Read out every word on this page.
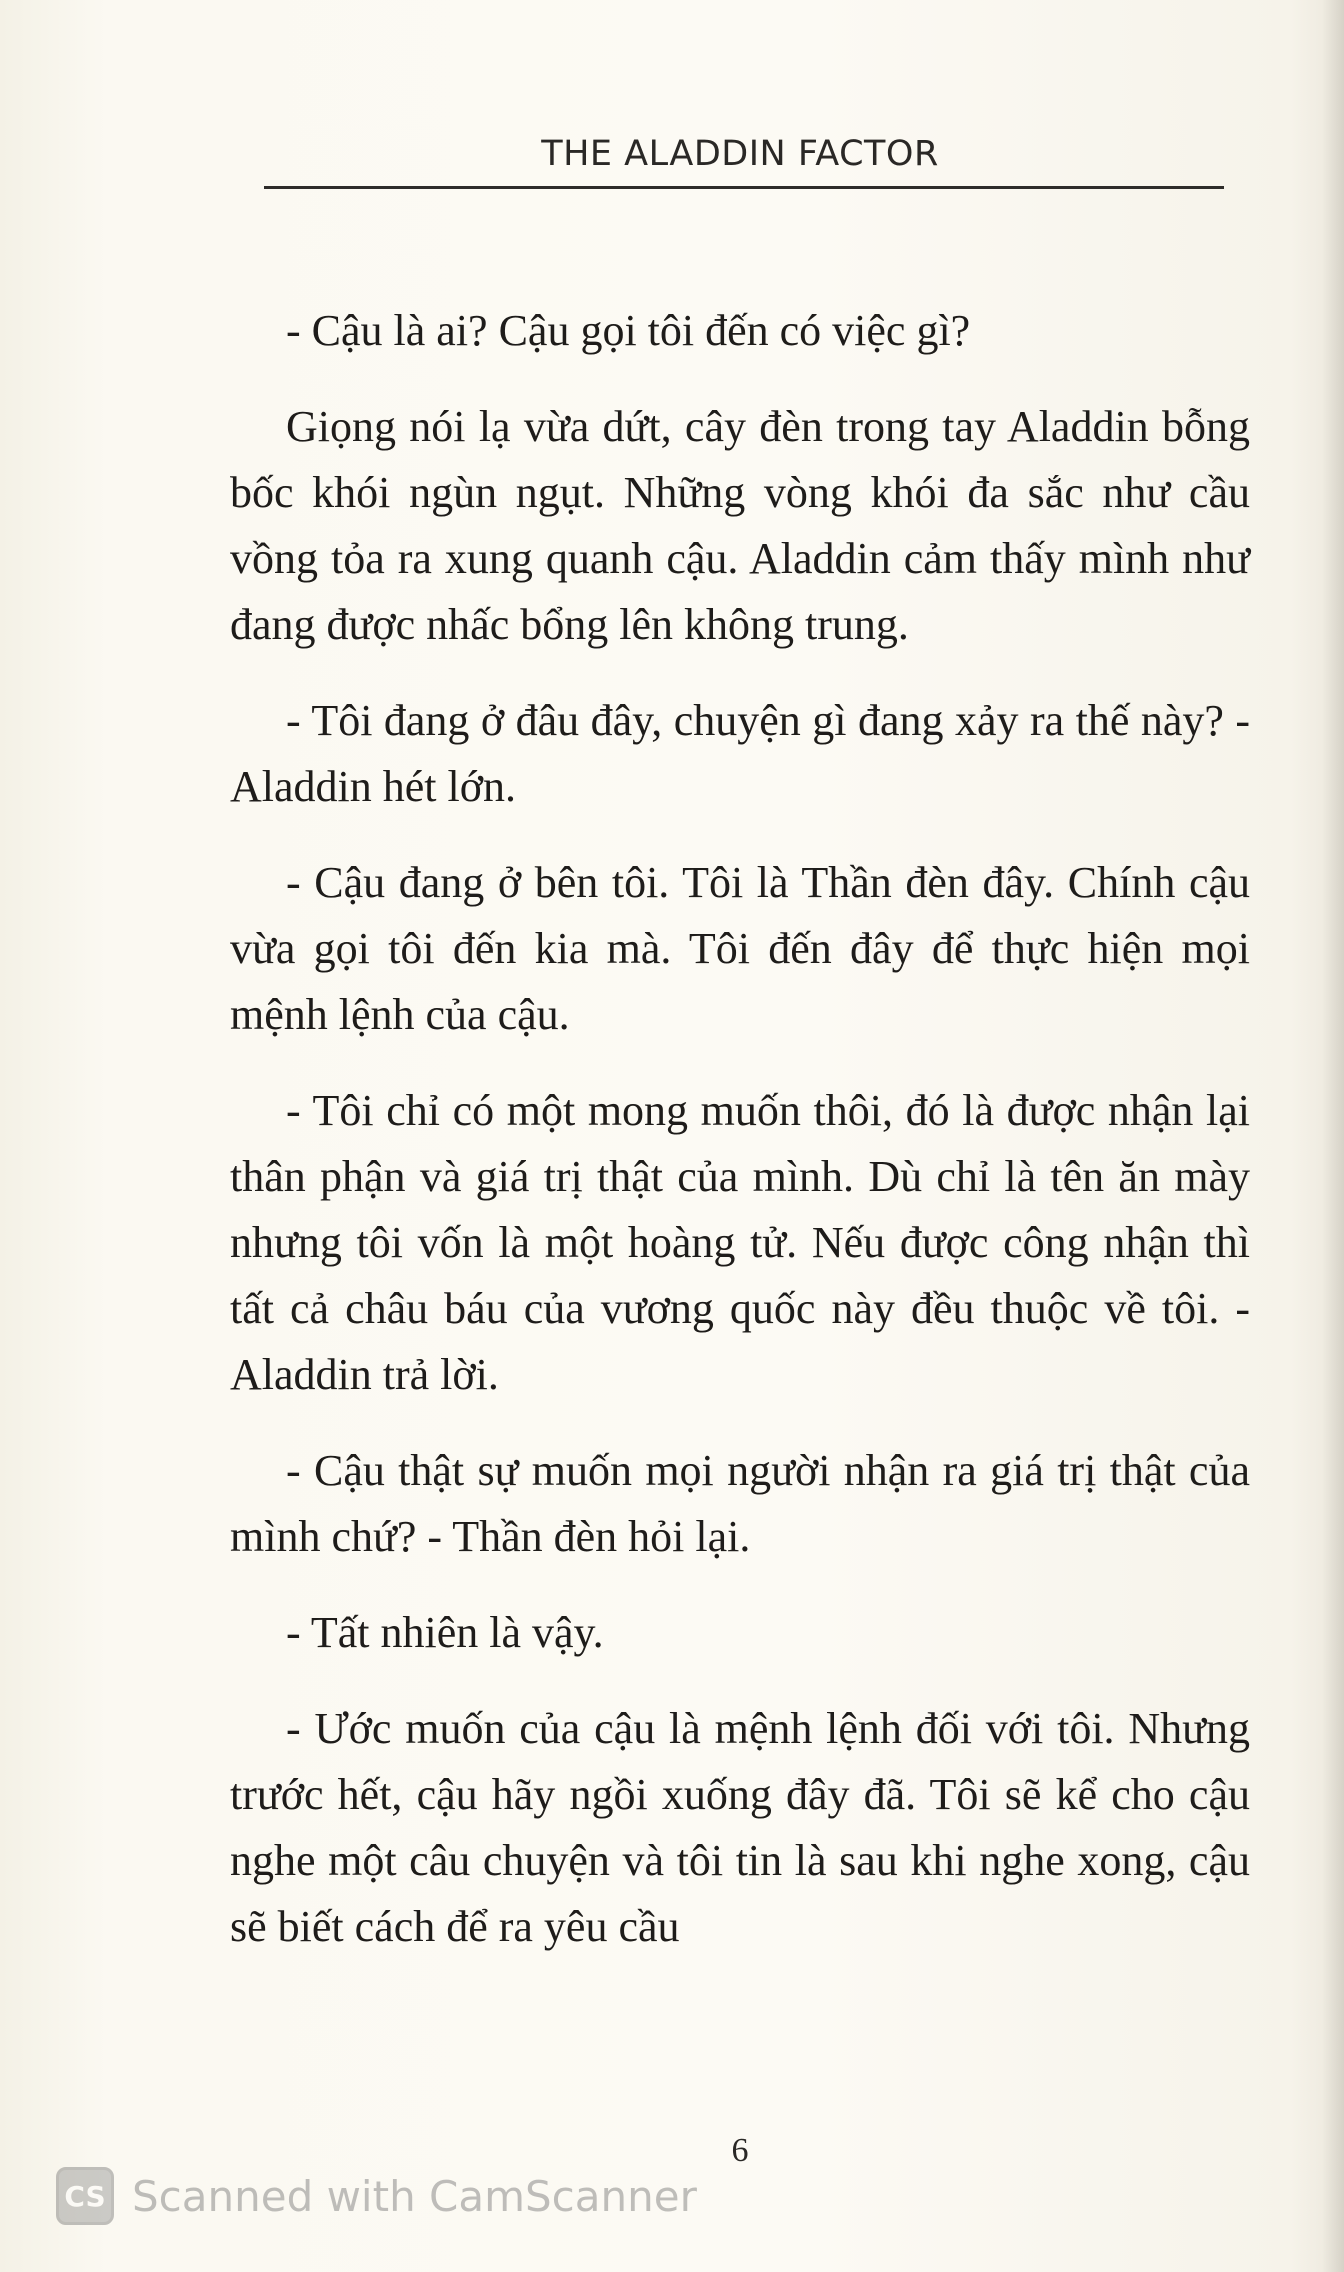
THE ALADDIN FACTOR

- Cậu là ai? Cậu gọi tôi đến có việc gì?

Giọng nói lạ vừa dứt, cây đèn trong tay Aladdin bỗng bốc khói ngùn ngụt. Những vòng khói đa sắc như cầu vồng tỏa ra xung quanh cậu. Aladdin cảm thấy mình như đang được nhấc bổng lên không trung.

- Tôi đang ở đâu đây, chuyện gì đang xảy ra thế này? - Aladdin hét lớn.

- Cậu đang ở bên tôi. Tôi là Thần đèn đây. Chính cậu vừa gọi tôi đến kia mà. Tôi đến đây để thực hiện mọi mệnh lệnh của cậu.

- Tôi chỉ có một mong muốn thôi, đó là được nhận lại thân phận và giá trị thật của mình. Dù chỉ là tên ăn mày nhưng tôi vốn là một hoàng tử. Nếu được công nhận thì tất cả châu báu của vương quốc này đều thuộc về tôi. - Aladdin trả lời.

- Cậu thật sự muốn mọi người nhận ra giá trị thật của mình chứ? - Thần đèn hỏi lại.

- Tất nhiên là vậy.

- Ước muốn của cậu là mệnh lệnh đối với tôi. Nhưng trước hết, cậu hãy ngồi xuống đây đã. Tôi sẽ kể cho cậu nghe một câu chuyện và tôi tin là sau khi nghe xong, cậu sẽ biết cách để ra yêu cầu

6
CS Scanned with CamScanner
